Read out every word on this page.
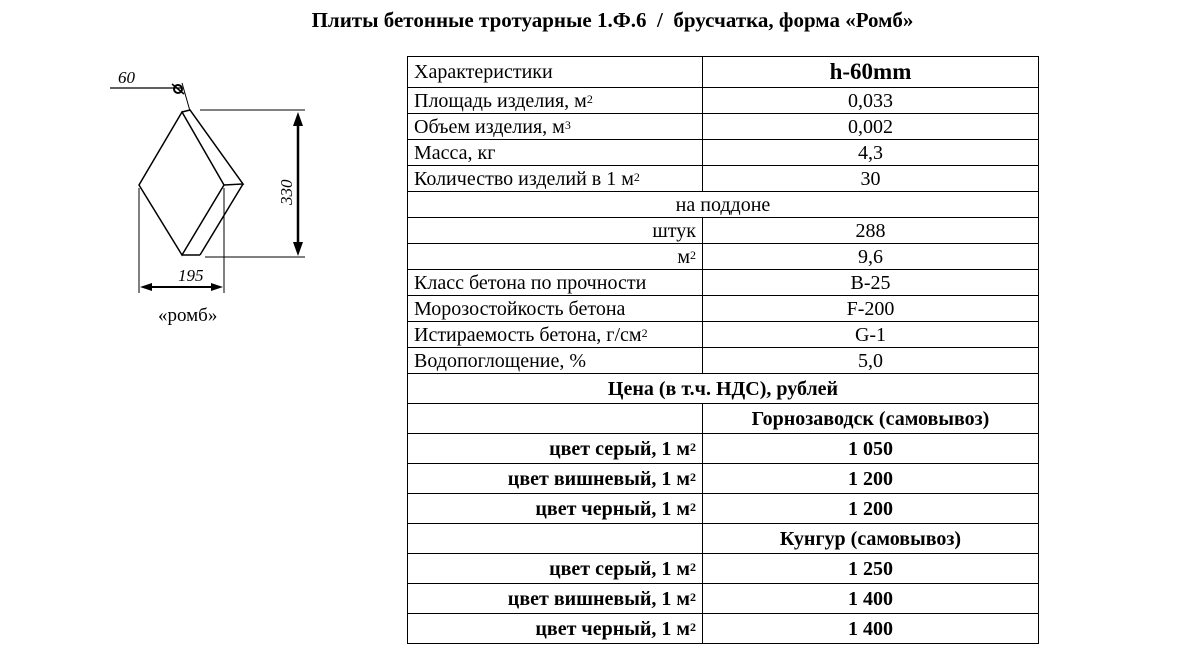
Плиты бетонные тротуарные 1.Ф.6  /  брусчатка, форма «Ромб»
60
195
330
«ромб»
Характеристики	h-60mm
Площадь изделия, $м^2$	0,033
Объем изделия, $м^3$	0,002
Масса, кг	4,3
Количество изделий в 1 $м^2$	30
на поддоне	
штук	288
$м^2$	9,6
Класс бетона по прочности	B-25
Морозостойкость бетона	F-200
Истираемость бетона, $г/см^2$	G-1
Водопоглощение, %	5,0
Цена (в т.ч. НДС), рублей	
	Горнозаводск (самовывоз)
цвет серый, 1 $м^2$	1 050
цвет вишневый, 1 $м^2$	1 200
цвет черный, 1 $м^2$	1 200
	Кунгур (самовывоз)
цвет серый, 1 $м^2$	1 250
цвет вишневый, 1 $м^2$	1 400
цвет черный, 1 $м^2$	1 400
